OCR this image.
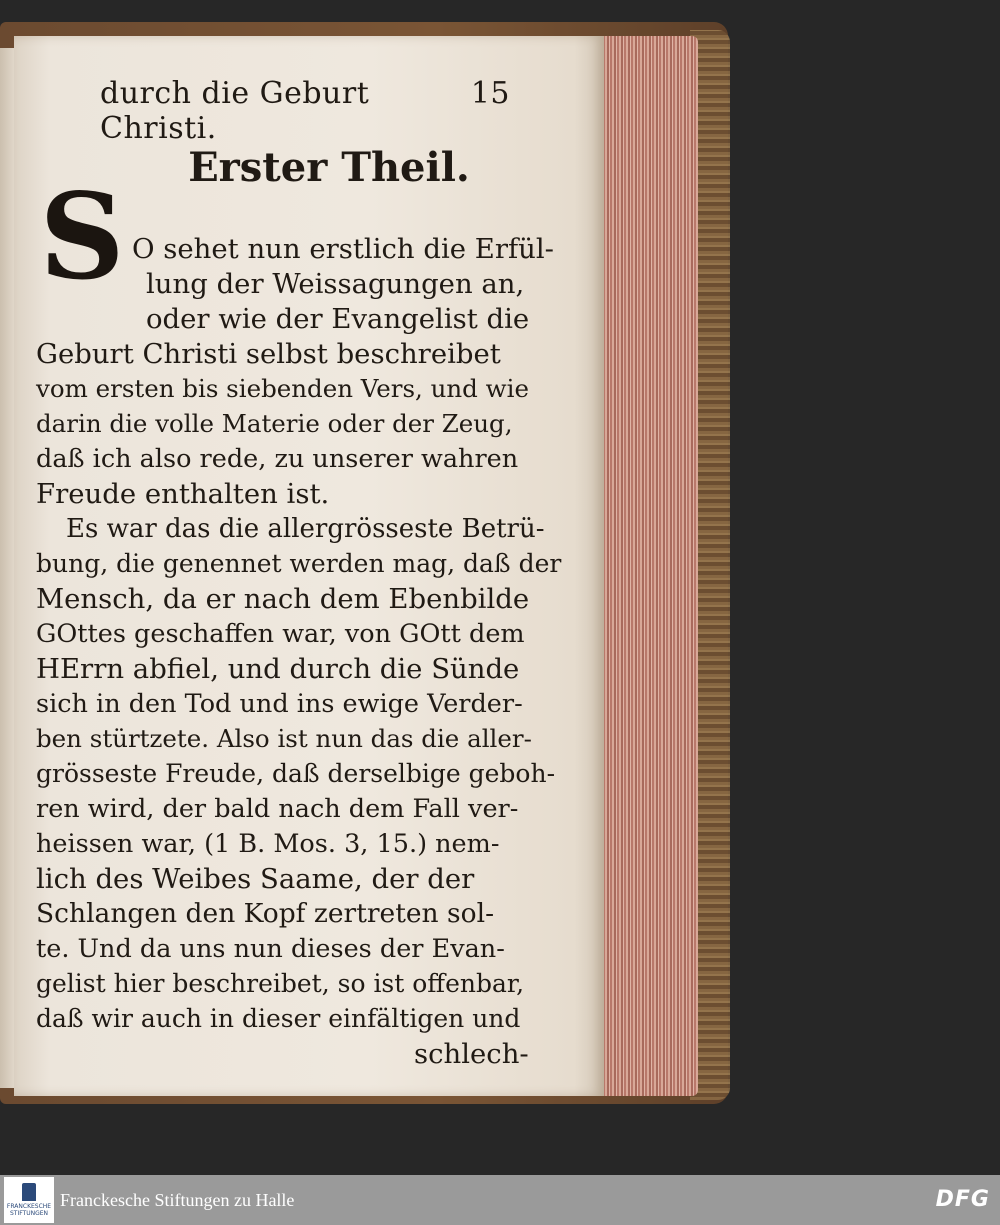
durch die Geburt Christi.
15
Erster Theil.
S O sehet nun erstlich die Erfül-
lung der Weissagungen an,
oder wie der Evangelist die
Geburt Christi selbst beschreibet
vom ersten bis siebenden Vers, und wie
darin die volle Materie oder der Zeug,
daß ich also rede, zu unserer wahren
Freude enthalten ist.
Es war das die allergrösseste Betrü-
bung, die genennet werden mag, daß der
Mensch, da er nach dem Ebenbilde
GOttes geschaffen war, von GOtt dem
HErrn abfiel, und durch die Sünde
sich in den Tod und ins ewige Verder-
ben stürtzete. Also ist nun das die aller-
grösseste Freude, daß derselbige geboh-
ren wird, der bald nach dem Fall ver-
heissen war, (1 B. Mos. 3, 15.) nem-
lich des Weibes Saame, der der
Schlangen den Kopf zertreten sol-
te. Und da uns nun dieses der Evan-
gelist hier beschreibet, so ist offenbar,
daß wir auch in dieser einfältigen und
schlech-
FRANCKESCHE STIFTUNGEN
Franckesche Stiftungen zu Halle	DFG
